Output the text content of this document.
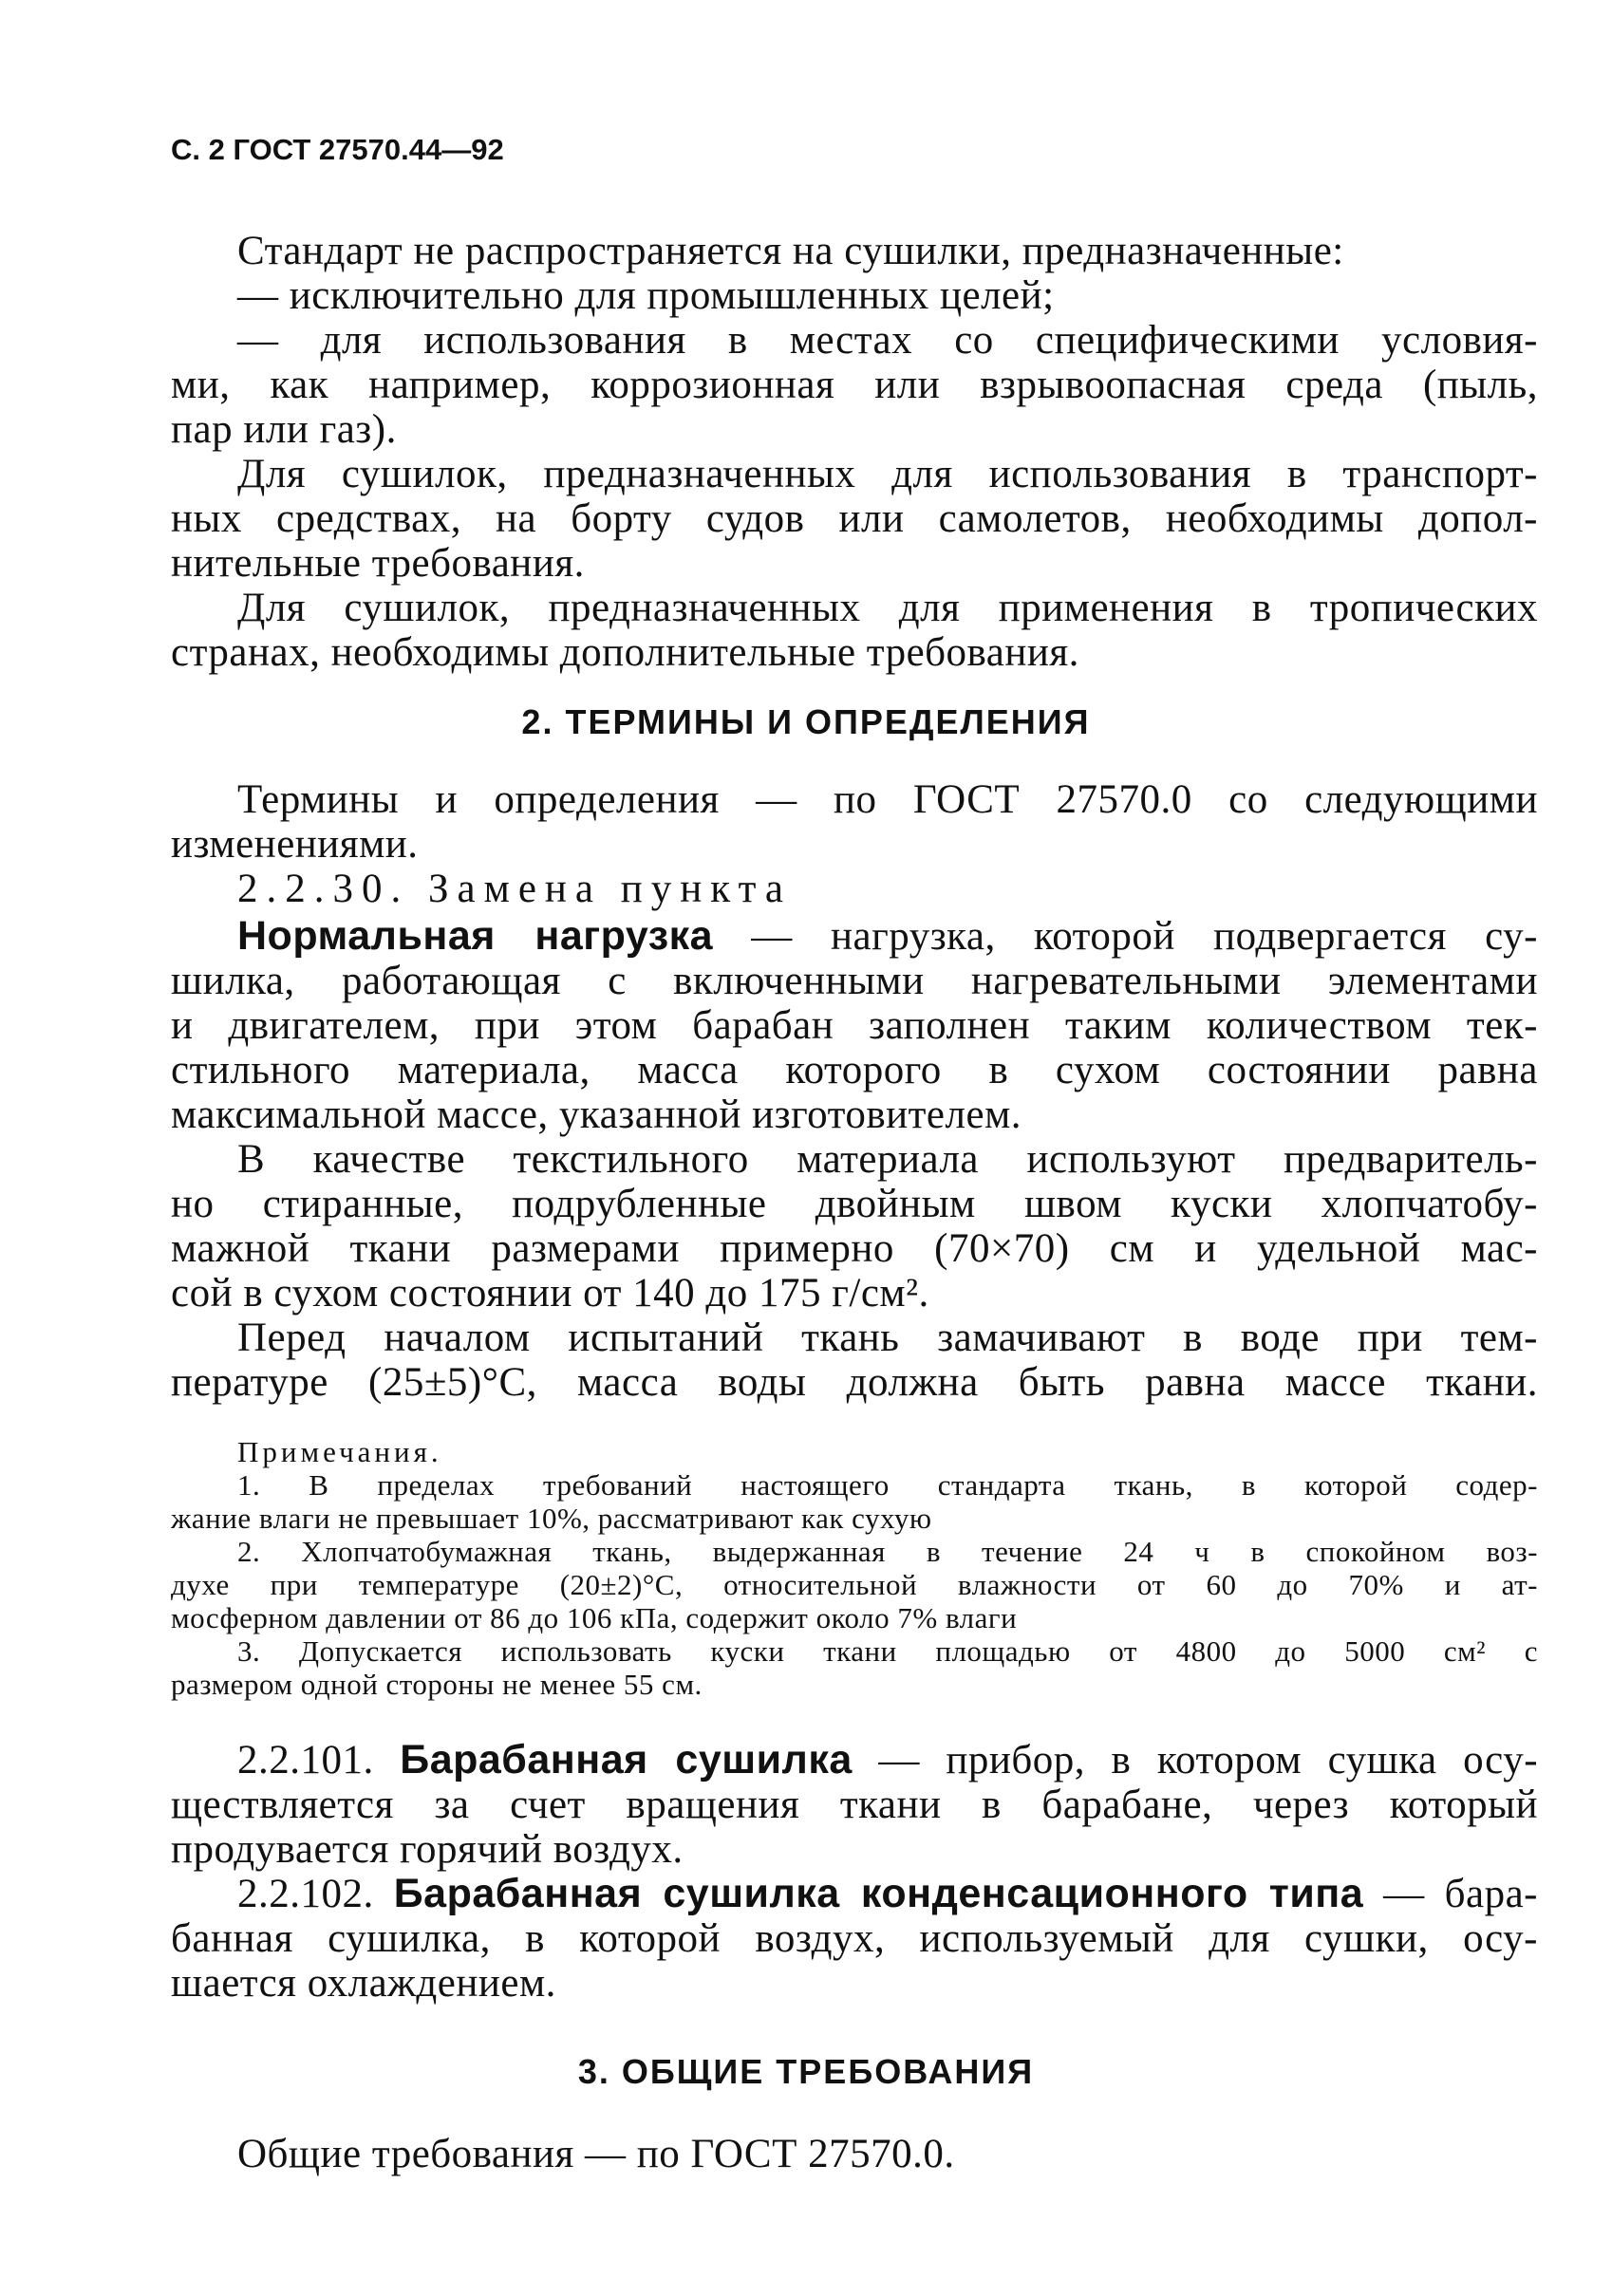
С. 2 ГОСТ 27570.44—92
Стандарт не распространяется на сушилки, предназначенные:
— исключительно для промышленных целей;
— для использования в местах со специфическими условия-
ми, как например, коррозионная или взрывоопасная среда (пыль,
пар или газ).
Для сушилок, предназначенных для использования в транспорт-
ных средствах, на борту судов или самолетов, необходимы допол-
нительные требования.
Для сушилок, предназначенных для применения в тропических
странах, необходимы дополнительные требования.
2. ТЕРМИНЫ И ОПРЕДЕЛЕНИЯ
Термины и определения — по ГОСТ 27570.0 со следующими
изменениями.
2.2.30. Замена пункта
Нормальная нагрузка — нагрузка, которой подвергается су-
шилка, работающая с включенными нагревательными элементами
и двигателем, при этом барабан заполнен таким количеством тек-
стильного материала, масса которого в сухом состоянии равна
максимальной массе, указанной изготовителем.
В качестве текстильного материала используют предваритель-
но стиранные, подрубленные двойным швом куски хлопчатобу-
мажной ткани размерами примерно (70×70) см и удельной мас-
сой в сухом состоянии от 140 до 175 г/см².
Перед началом испытаний ткань замачивают в воде при тем-
пературе (25±5)°С, масса воды должна быть равна массе ткани.
Примечания.
1. В пределах требований настоящего стандарта ткань, в которой содер-
жание влаги не превышает 10%, рассматривают как сухую
2. Хлопчатобумажная ткань, выдержанная в течение 24 ч в спокойном воз-
духе при температуре (20±2)°С, относительной влажности от 60 до 70% и ат-
мосферном давлении от 86 до 106 кПа, содержит около 7% влаги
3. Допускается использовать куски ткани площадью от 4800 до 5000 см² с
размером одной стороны не менее 55 см.
2.2.101. Барабанная сушилка — прибор, в котором сушка осу-
ществляется за счет вращения ткани в барабане, через который
продувается горячий воздух.
2.2.102. Барабанная сушилка конденсационного типа — бара-
банная сушилка, в которой воздух, используемый для сушки, осу-
шается охлаждением.
3. ОБЩИЕ ТРЕБОВАНИЯ
Общие требования — по ГОСТ 27570.0.
